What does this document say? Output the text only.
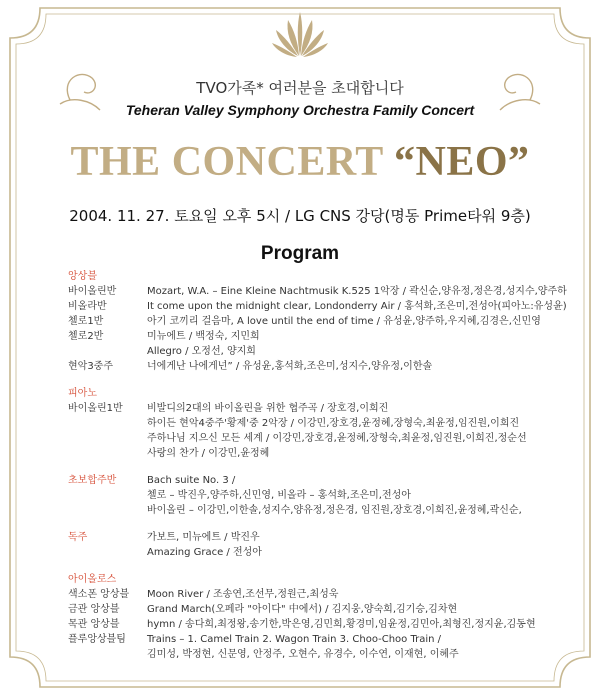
TVO가족* 여러분을 초대합니다
Teheran Valley Symphony Orchestra Family Concert
THE CONCERT “NEO”
2004. 11. 27. 토요일 오후 5시 / LG CNS 강당(명동 Prime타워 9층)
Program
앙상블
바이올린반	Mozart, W.A. – Eine Kleine Nachtmusik K.525 1악장 / 곽신순,양유정,정은경,성지수,양주하
비올라반	It come upon the midnight clear, Londonderry Air / 홍석화,조은미,전성아(피아노:유성윤)
첼로1반	아기 코끼리 걸음마, A love until the end of time / 유성윤,양주하,우지혜,김경은,신민영
첼로2반	미뉴에트 / 백정숙, 지민희
Allegro / 오정선, 양지희
현악3중주	너에게난 나에게넌” / 유성윤,홍석화,조은미,성지수,양유정,이한솔
피아노
바이올린1반	비발디의2대의 바이올린을 위한 협주곡 / 장호경,이희진
하이든 현악4중주'황제'중 2악장 / 이강민,장호경,윤정혜,장형숙,최윤정,임진원,이희진
주하나님 지으신 모든 세계 / 이강민,장호경,윤정혜,장형숙,최윤정,임진원,이희진,정순선
사랑의 찬가 / 이강민,윤정혜
초보합주반	Bach suite No. 3 /
첼로 – 박진우,양주하,신민영, 비올라 – 홍석화,조은미,전성아
바이올린 – 이강민,이한솔,성지수,양유정,정은경, 임진원,장호경,이희진,윤정혜,곽신순,
독주	가보트, 미뉴에트 / 박진우
Amazing Grace / 전성아
아이올로스
색소폰 앙상블	Moon River / 조송연,조선무,정원근,최성욱
금관 앙상블	Grand March(오페라 "아이다" 中에서) / 김지웅,양숙희,김기승,김차현
목관 앙상블	hymn / 송다희,최정왕,송기한,박은영,김민희,황경미,임윤정,김민아,최형진,정지윤,김동현
플루앙상블팀	Trains – 1. Camel Train 2. Wagon Train 3. Choo-Choo Train /
김미성, 박정현, 신문영, 안정주, 오현수, 유경수, 이수연, 이재현, 이혜주
